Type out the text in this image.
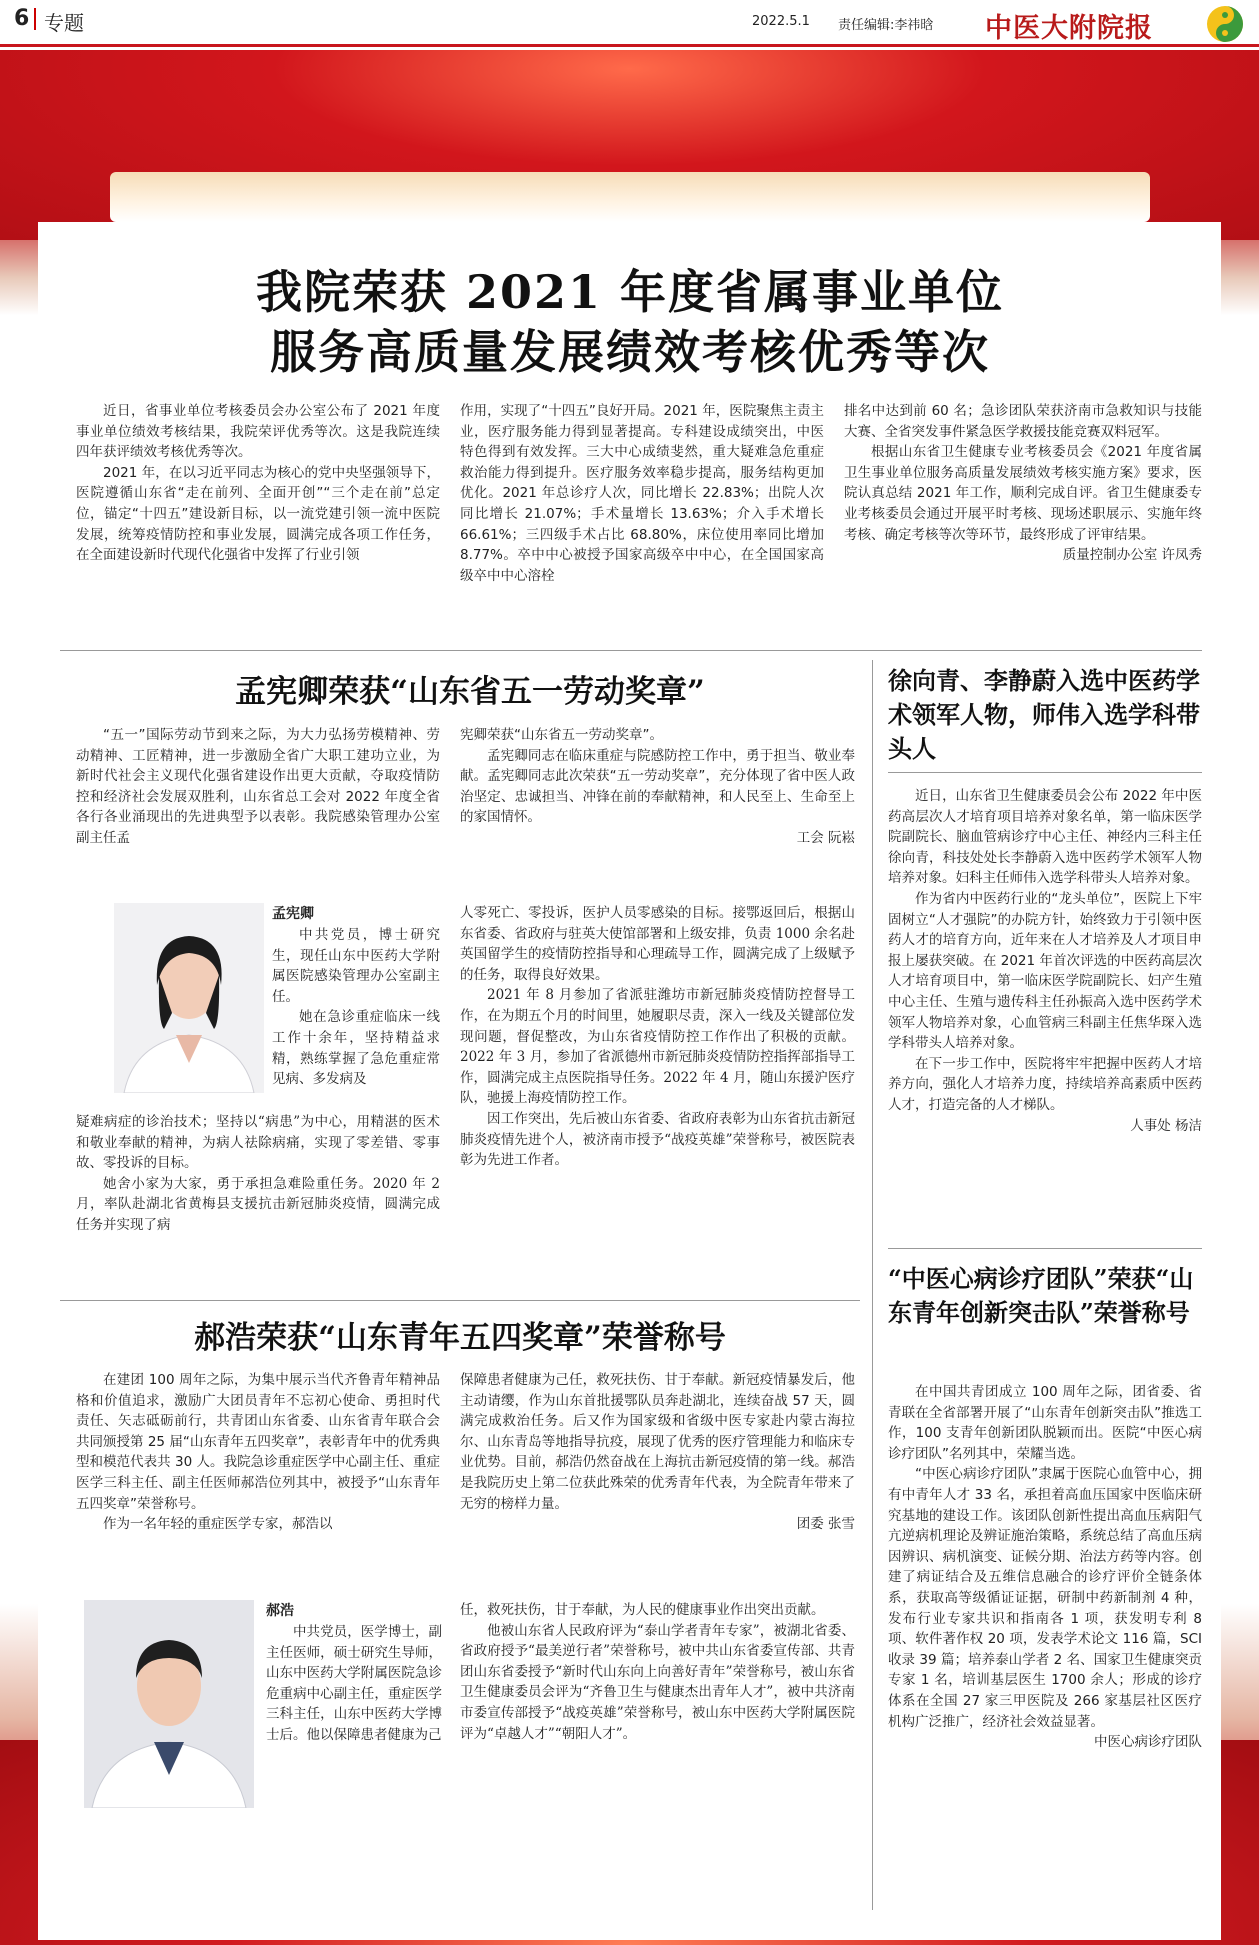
6 专题	2022.5.1 责任编辑:李祎晗 中医大附院报
我院荣获 2021 年度省属事业单位
服务高质量发展绩效考核优秀等次

近日，省事业单位考核委员会办公室公布了 2021 年度事业单位绩效考核结果，我院荣评优秀等次。这是我院连续四年获评绩效考核优秀等次。

2021 年，在以习近平同志为核心的党中央坚强领导下，医院遵循山东省“走在前列、全面开创”“三个走在前”总定位，锚定“十四五”建设新目标，以一流党建引领一流中医院发展，统筹疫情防控和事业发展，圆满完成各项工作任务，在全面建设新时代现代化强省中发挥了行业引领

作用，实现了“十四五”良好开局。2021 年，医院聚焦主责主业，医疗服务能力得到显著提高。专科建设成绩突出，中医特色得到有效发挥。三大中心成绩斐然，重大疑难急危重症救治能力得到提升。医疗服务效率稳步提高，服务结构更加优化。2021 年总诊疗人次，同比增长 22.83%；出院人次同比增长 21.07%；手术量增长 13.63%；介入手术增长 66.61%；三四级手术占比 68.80%，床位使用率同比增加 8.77%。卒中中心被授予国家高级卒中中心，在全国国家高级卒中中心溶栓

排名中达到前 60 名；急诊团队荣获济南市急救知识与技能大赛、全省突发事件紧急医学救援技能竞赛双料冠军。

根据山东省卫生健康专业考核委员会《2021 年度省属卫生事业单位服务高质量发展绩效考核实施方案》要求，医院认真总结 2021 年工作，顺利完成自评。省卫生健康委专业考核委员会通过开展平时考核、现场述职展示、实施年终考核、确定考核等次等环节，最终形成了评审结果。

质量控制办公室 许凤秀

孟宪卿荣获“山东省五一劳动奖章”

“五一”国际劳动节到来之际，为大力弘扬劳模精神、劳动精神、工匠精神，进一步激励全省广大职工建功立业，为新时代社会主义现代化强省建设作出更大贡献，夺取疫情防控和经济社会发展双胜利，山东省总工会对 2022 年度全省各行各业涌现出的先进典型予以表彰。我院感染管理办公室副主任孟

宪卿荣获“山东省五一劳动奖章”。

孟宪卿同志在临床重症与院感防控工作中，勇于担当、敬业奉献。孟宪卿同志此次荣获“五一劳动奖章”，充分体现了省中医人政治坚定、忠诚担当、冲锋在前的奉献精神，和人民至上、生命至上的家国情怀。

工会 阮崧

孟宪卿

中共党员，博士研究生，现任山东中医药大学附属医院感染管理办公室副主任。

她在急诊重症临床一线工作十余年，坚持精益求精，熟练掌握了急危重症常见病、多发病及

疑难病症的诊治技术；坚持以“病患”为中心，用精湛的医术和敬业奉献的精神，为病人祛除病痛，实现了零差错、零事故、零投诉的目标。

她舍小家为大家，勇于承担急难险重任务。2020 年 2 月，率队赴湖北省黄梅县支援抗击新冠肺炎疫情，圆满完成任务并实现了病

人零死亡、零投诉，医护人员零感染的目标。接鄂返回后，根据山东省委、省政府与驻英大使馆部署和上级安排，负责 1000 余名赴英国留学生的疫情防控指导和心理疏导工作，圆满完成了上级赋予的任务，取得良好效果。

2021 年 8 月参加了省派驻潍坊市新冠肺炎疫情防控督导工作，在为期五个月的时间里，她履职尽责，深入一线及关键部位发现问题，督促整改，为山东省疫情防控工作作出了积极的贡献。2022 年 3 月，参加了省派德州市新冠肺炎疫情防控指挥部指导工作，圆满完成主点医院指导任务。2022 年 4 月，随山东援沪医疗队，驰援上海疫情防控工作。

因工作突出，先后被山东省委、省政府表彰为山东省抗击新冠肺炎疫情先进个人，被济南市授予“战疫英雄”荣誉称号，被医院表彰为先进工作者。

郝浩荣获“山东青年五四奖章”荣誉称号

在建团 100 周年之际，为集中展示当代齐鲁青年精神品格和价值追求，激励广大团员青年不忘初心使命、勇担时代责任、矢志砥砺前行，共青团山东省委、山东省青年联合会共同颁授第 25 届“山东青年五四奖章”，表彰青年中的优秀典型和模范代表共 30 人。我院急诊重症医学中心副主任、重症医学三科主任、副主任医师郝浩位列其中，被授予“山东青年五四奖章”荣誉称号。

作为一名年轻的重症医学专家，郝浩以

保障患者健康为己任，救死扶伤、甘于奉献。新冠疫情暴发后，他主动请缨，作为山东首批援鄂队员奔赴湖北，连续奋战 57 天，圆满完成救治任务。后又作为国家级和省级中医专家赴内蒙古海拉尔、山东青岛等地指导抗疫，展现了优秀的医疗管理能力和临床专业优势。目前，郝浩仍然奋战在上海抗击新冠疫情的第一线。郝浩是我院历史上第二位获此殊荣的优秀青年代表，为全院青年带来了无穷的榜样力量。

团委 张雪

郝浩

中共党员，医学博士，副主任医师，硕士研究生导师，山东中医药大学附属医院急诊危重病中心副主任，重症医学三科主任，山东中医药大学博士后。他以保障患者健康为己

任，救死扶伤，甘于奉献，为人民的健康事业作出突出贡献。

他被山东省人民政府评为“泰山学者青年专家”，被湖北省委、省政府授予“最美逆行者”荣誉称号，被中共山东省委宣传部、共青团山东省委授予“新时代山东向上向善好青年”荣誉称号，被山东省卫生健康委员会评为“齐鲁卫生与健康杰出青年人才”，被中共济南市委宣传部授予“战疫英雄”荣誉称号，被山东中医药大学附属医院评为“卓越人才”“朝阳人才”。

徐向青、李静蔚入选中医药学术领军人物，师伟入选学科带头人

近日，山东省卫生健康委员会公布 2022 年中医药高层次人才培育项目培养对象名单，第一临床医学院副院长、脑血管病诊疗中心主任、神经内三科主任徐向青，科技处处长李静蔚入选中医药学术领军人物培养对象。妇科主任师伟入选学科带头人培养对象。

作为省内中医药行业的“龙头单位”，医院上下牢固树立“人才强院”的办院方针，始终致力于引领中医药人才的培育方向，近年来在人才培养及人才项目申报上屡获突破。在 2021 年首次评选的中医药高层次人才培育项目中，第一临床医学院副院长、妇产生殖中心主任、生殖与遗传科主任孙振高入选中医药学术领军人物培养对象，心血管病三科副主任焦华琛入选学科带头人培养对象。

在下一步工作中，医院将牢牢把握中医药人才培养方向，强化人才培养力度，持续培养高素质中医药人才，打造完备的人才梯队。

人事处 杨洁

“中医心病诊疗团队”荣获“山东青年创新突击队”荣誉称号

在中国共青团成立 100 周年之际，团省委、省青联在全省部署开展了“山东青年创新突击队”推选工作，100 支青年创新团队脱颖而出。医院“中医心病诊疗团队”名列其中，荣耀当选。

“中医心病诊疗团队”隶属于医院心血管中心，拥有中青年人才 33 名，承担着高血压国家中医临床研究基地的建设工作。该团队创新性提出高血压病阳气亢逆病机理论及辨证施治策略，系统总结了高血压病因辨识、病机演变、证候分期、治法方药等内容。创建了病证结合及五维信息融合的诊疗评价全链条体系，获取高等级循证证据，研制中药新制剂 4 种，发布行业专家共识和指南各 1 项，获发明专利 8 项、软件著作权 20 项，发表学术论文 116 篇，SCI 收录 39 篇；培养泰山学者 2 名、国家卫生健康突贡专家 1 名，培训基层医生 1700 余人；形成的诊疗体系在全国 27 家三甲医院及 266 家基层社区医疗机构广泛推广，经济社会效益显著。

中医心病诊疗团队
